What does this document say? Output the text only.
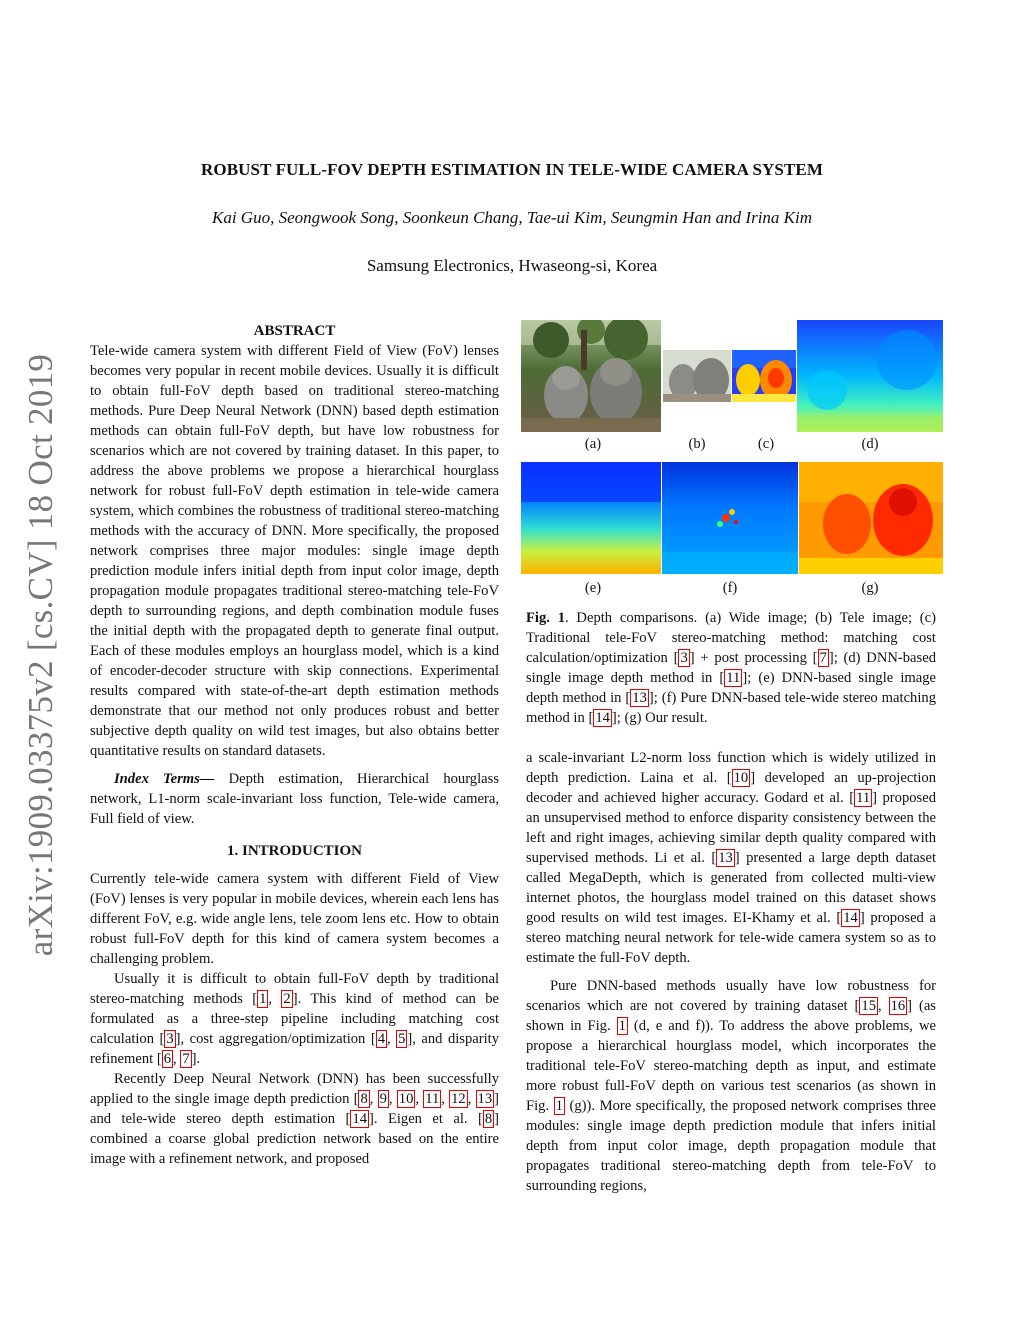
arXiv:1909.03375v2 [cs.CV] 18 Oct 2019
ROBUST FULL-FOV DEPTH ESTIMATION IN TELE-WIDE CAMERA SYSTEM
Kai Guo, Seongwook Song, Soonkeun Chang, Tae-ui Kim, Seungmin Han and Irina Kim
Samsung Electronics, Hwaseong-si, Korea
ABSTRACT

Tele-wide camera system with different Field of View (FoV) lenses becomes very popular in recent mobile devices. Usually it is difficult to obtain full-FoV depth based on traditional stereo-matching methods. Pure Deep Neural Network (DNN) based depth estimation methods can obtain full-FoV depth, but have low robustness for scenarios which are not covered by training dataset. In this paper, to address the above problems we propose a hierarchical hourglass network for robust full-FoV depth estimation in tele-wide camera system, which combines the robustness of traditional stereo-matching methods with the accuracy of DNN. More specifically, the proposed network comprises three major modules: single image depth prediction module infers initial depth from input color image, depth propagation module propagates traditional stereo-matching tele-FoV depth to surrounding regions, and depth combination module fuses the initial depth with the propagated depth to generate final output. Each of these modules employs an hourglass model, which is a kind of encoder-decoder structure with skip connections. Experimental results compared with state-of-the-art depth estimation methods demonstrate that our method not only produces robust and better subjective depth quality on wild test images, but also obtains better quantitative results on standard datasets.

Index Terms— Depth estimation, Hierarchical hourglass network, L1-norm scale-invariant loss function, Tele-wide camera, Full field of view.

1. INTRODUCTION

Currently tele-wide camera system with different Field of View (FoV) lenses is very popular in mobile devices, wherein each lens has different FoV, e.g. wide angle lens, tele zoom lens etc. How to obtain robust full-FoV depth for this kind of camera system becomes a challenging problem.

Usually it is difficult to obtain full-FoV depth by traditional stereo-matching methods [ 1 , 2 ]. This kind of method can be formulated as a three-step pipeline including matching cost calculation [ 3 ], cost aggregation/optimization [ 4 , 5 ], and disparity refinement [ 6 , 7 ].

Recently Deep Neural Network (DNN) has been successfully applied to the single image depth prediction [ 8 , 9 , 10 , 11 , 12 , 13 ] and tele-wide stereo depth estimation [ 14 ]. Eigen et al. [ 8 ] combined a coarse global prediction network based on the entire image with a refinement network, and proposed

(a)	(b)	(c)	(d)
(e)	(f)	(g)
Fig. 1. Depth comparisons. (a) Wide image; (b) Tele image; (c) Traditional tele-FoV stereo-matching method: matching cost calculation/optimization [ 3 ] + post processing [ 7 ]; (d) DNN-based single image depth method in [ 11 ]; (e) DNN-based single image depth method in [ 13 ]; (f) Pure DNN-based tele-wide stereo matching method in [ 14 ]; (g) Our result.

a scale-invariant L2-norm loss function which is widely utilized in depth prediction. Laina et al. [ 10 ] developed an up-projection decoder and achieved higher accuracy. Godard et al. [ 11 ] proposed an unsupervised method to enforce disparity consistency between the left and right images, achieving similar depth quality compared with supervised methods. Li et al. [ 13 ] presented a large depth dataset called MegaDepth, which is generated from collected multi-view internet photos, the hourglass model trained on this dataset shows good results on wild test images. EI-Khamy et al. [ 14 ] proposed a stereo matching neural network for tele-wide camera system so as to estimate the full-FoV depth.

Pure DNN-based methods usually have low robustness for scenarios which are not covered by training dataset [ 15 , 16 ] (as shown in Fig. 1 (d, e and f)). To address the above problems, we propose a hierarchical hourglass model, which incorporates the traditional tele-FoV stereo-matching depth as input, and estimate more robust full-FoV depth on various test scenarios (as shown in Fig. 1 (g)). More specifically, the proposed network comprises three modules: single image depth prediction module that infers initial depth from input color image, depth propagation module that propagates traditional stereo-matching depth from tele-FoV to surrounding regions,
